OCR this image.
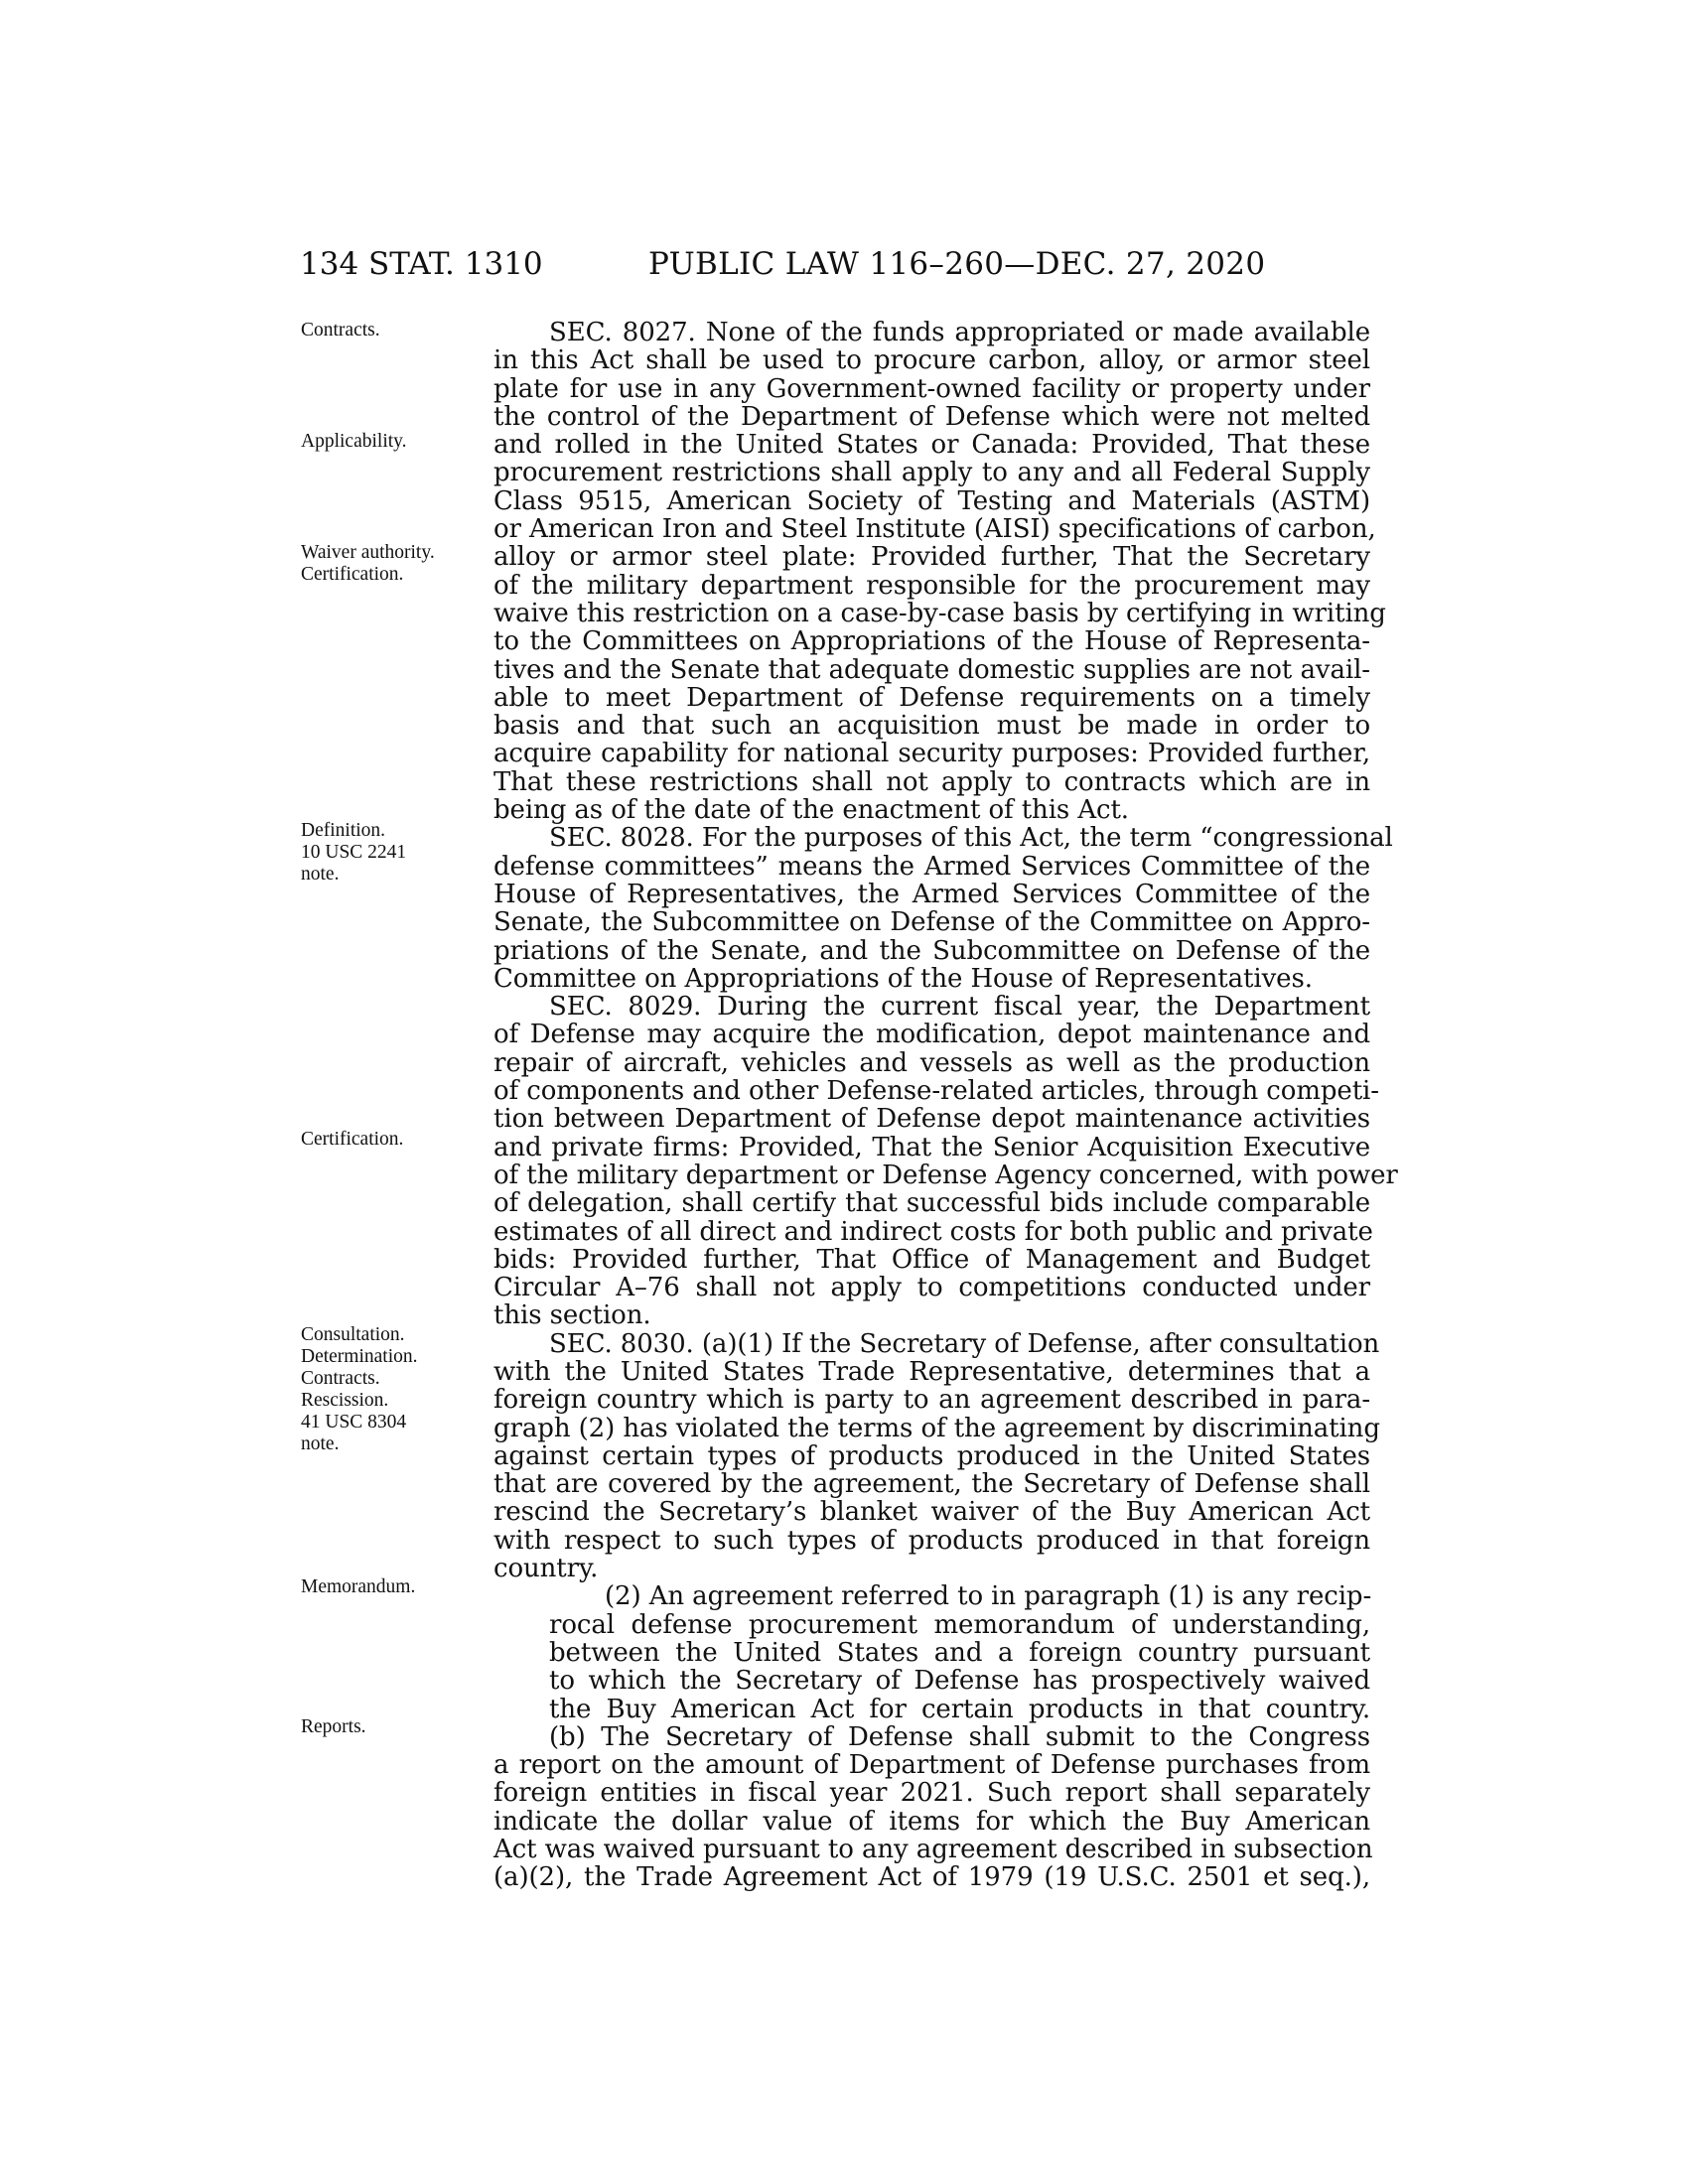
134 STAT. 1310	PUBLIC LAW 116–260—DEC. 27, 2020
Contracts.
Applicability.
Waiver authority.
Certification.
Definition.
10 USC 2241
note.
Certification.
Consultation.
Determination.
Contracts.
Rescission.
41 USC 8304
note.
Memorandum.
Reports.
SEC. 8027. None of the funds appropriated or made available
in this Act shall be used to procure carbon, alloy, or armor steel
plate for use in any Government-owned facility or property under
the control of the Department of Defense which were not melted
and rolled in the United States or Canada: Provided, That these
procurement restrictions shall apply to any and all Federal Supply
Class 9515, American Society of Testing and Materials (ASTM)
or American Iron and Steel Institute (AISI) specifications of carbon,
alloy or armor steel plate: Provided further, That the Secretary
of the military department responsible for the procurement may
waive this restriction on a case-by-case basis by certifying in writing
to the Committees on Appropriations of the House of Representa-
tives and the Senate that adequate domestic supplies are not avail-
able to meet Department of Defense requirements on a timely
basis and that such an acquisition must be made in order to
acquire capability for national security purposes: Provided further,
That these restrictions shall not apply to contracts which are in
being as of the date of the enactment of this Act.
SEC. 8028. For the purposes of this Act, the term “congressional
defense committees” means the Armed Services Committee of the
House of Representatives, the Armed Services Committee of the
Senate, the Subcommittee on Defense of the Committee on Appro-
priations of the Senate, and the Subcommittee on Defense of the
Committee on Appropriations of the House of Representatives.
SEC. 8029. During the current fiscal year, the Department
of Defense may acquire the modification, depot maintenance and
repair of aircraft, vehicles and vessels as well as the production
of components and other Defense-related articles, through competi-
tion between Department of Defense depot maintenance activities
and private firms: Provided, That the Senior Acquisition Executive
of the military department or Defense Agency concerned, with power
of delegation, shall certify that successful bids include comparable
estimates of all direct and indirect costs for both public and private
bids: Provided further, That Office of Management and Budget
Circular A–76 shall not apply to competitions conducted under
this section.
SEC. 8030. (a)(1) If the Secretary of Defense, after consultation
with the United States Trade Representative, determines that a
foreign country which is party to an agreement described in para-
graph (2) has violated the terms of the agreement by discriminating
against certain types of products produced in the United States
that are covered by the agreement, the Secretary of Defense shall
rescind the Secretary’s blanket waiver of the Buy American Act
with respect to such types of products produced in that foreign
country.
(2) An agreement referred to in paragraph (1) is any recip-
rocal defense procurement memorandum of understanding,
between the United States and a foreign country pursuant
to which the Secretary of Defense has prospectively waived
the Buy American Act for certain products in that country.
(b) The Secretary of Defense shall submit to the Congress
a report on the amount of Department of Defense purchases from
foreign entities in fiscal year 2021. Such report shall separately
indicate the dollar value of items for which the Buy American
Act was waived pursuant to any agreement described in subsection
(a)(2), the Trade Agreement Act of 1979 (19 U.S.C. 2501 et seq.),
